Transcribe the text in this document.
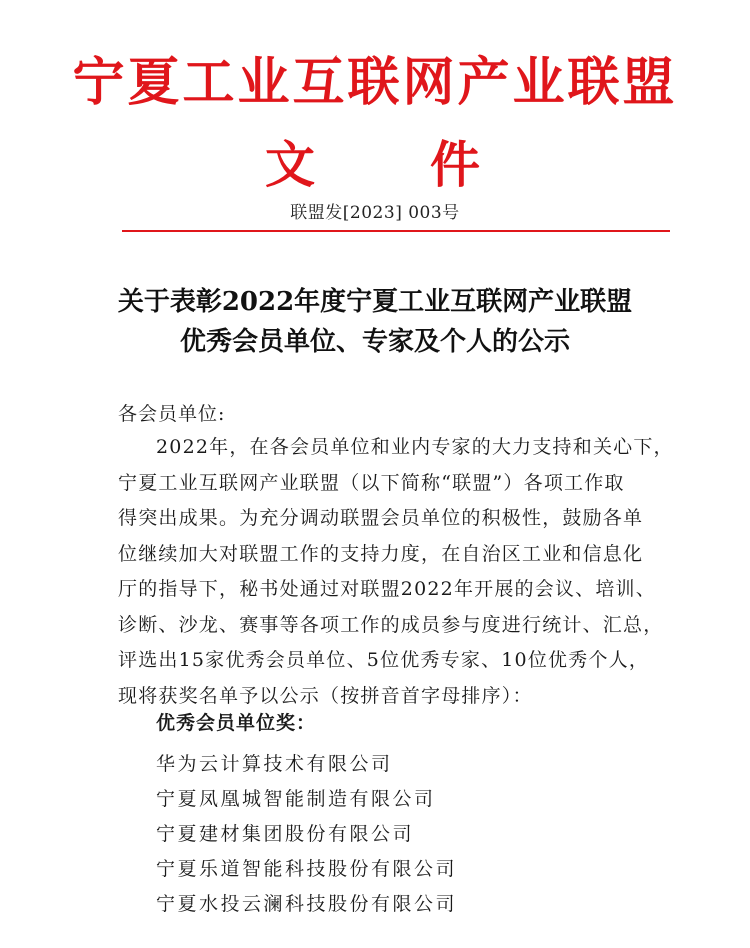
宁夏工业互联网产业联盟
文 件
联盟发[2023] 003号
关于表彰2022年度宁夏工业互联网产业联盟
优秀会员单位、专家及个人的公示
各会员单位:
2022年，在各会员单位和业内专家的大力支持和关心下，
宁夏工业互联网产业联盟（以下简称“联盟”）各项工作取
得突出成果。为充分调动联盟会员单位的积极性，鼓励各单
位继续加大对联盟工作的支持力度，在自治区工业和信息化
厅的指导下，秘书处通过对联盟2022年开展的会议、培训、
诊断、沙龙、赛事等各项工作的成员参与度进行统计、汇总，
评选出15家优秀会员单位、5位优秀专家、10位优秀个人，
现将获奖名单予以公示（按拼音首字母排序）：
优秀会员单位奖：
华为云计算技术有限公司
宁夏凤凰城智能制造有限公司
宁夏建材集团股份有限公司
宁夏乐道智能科技股份有限公司
宁夏水投云澜科技股份有限公司
